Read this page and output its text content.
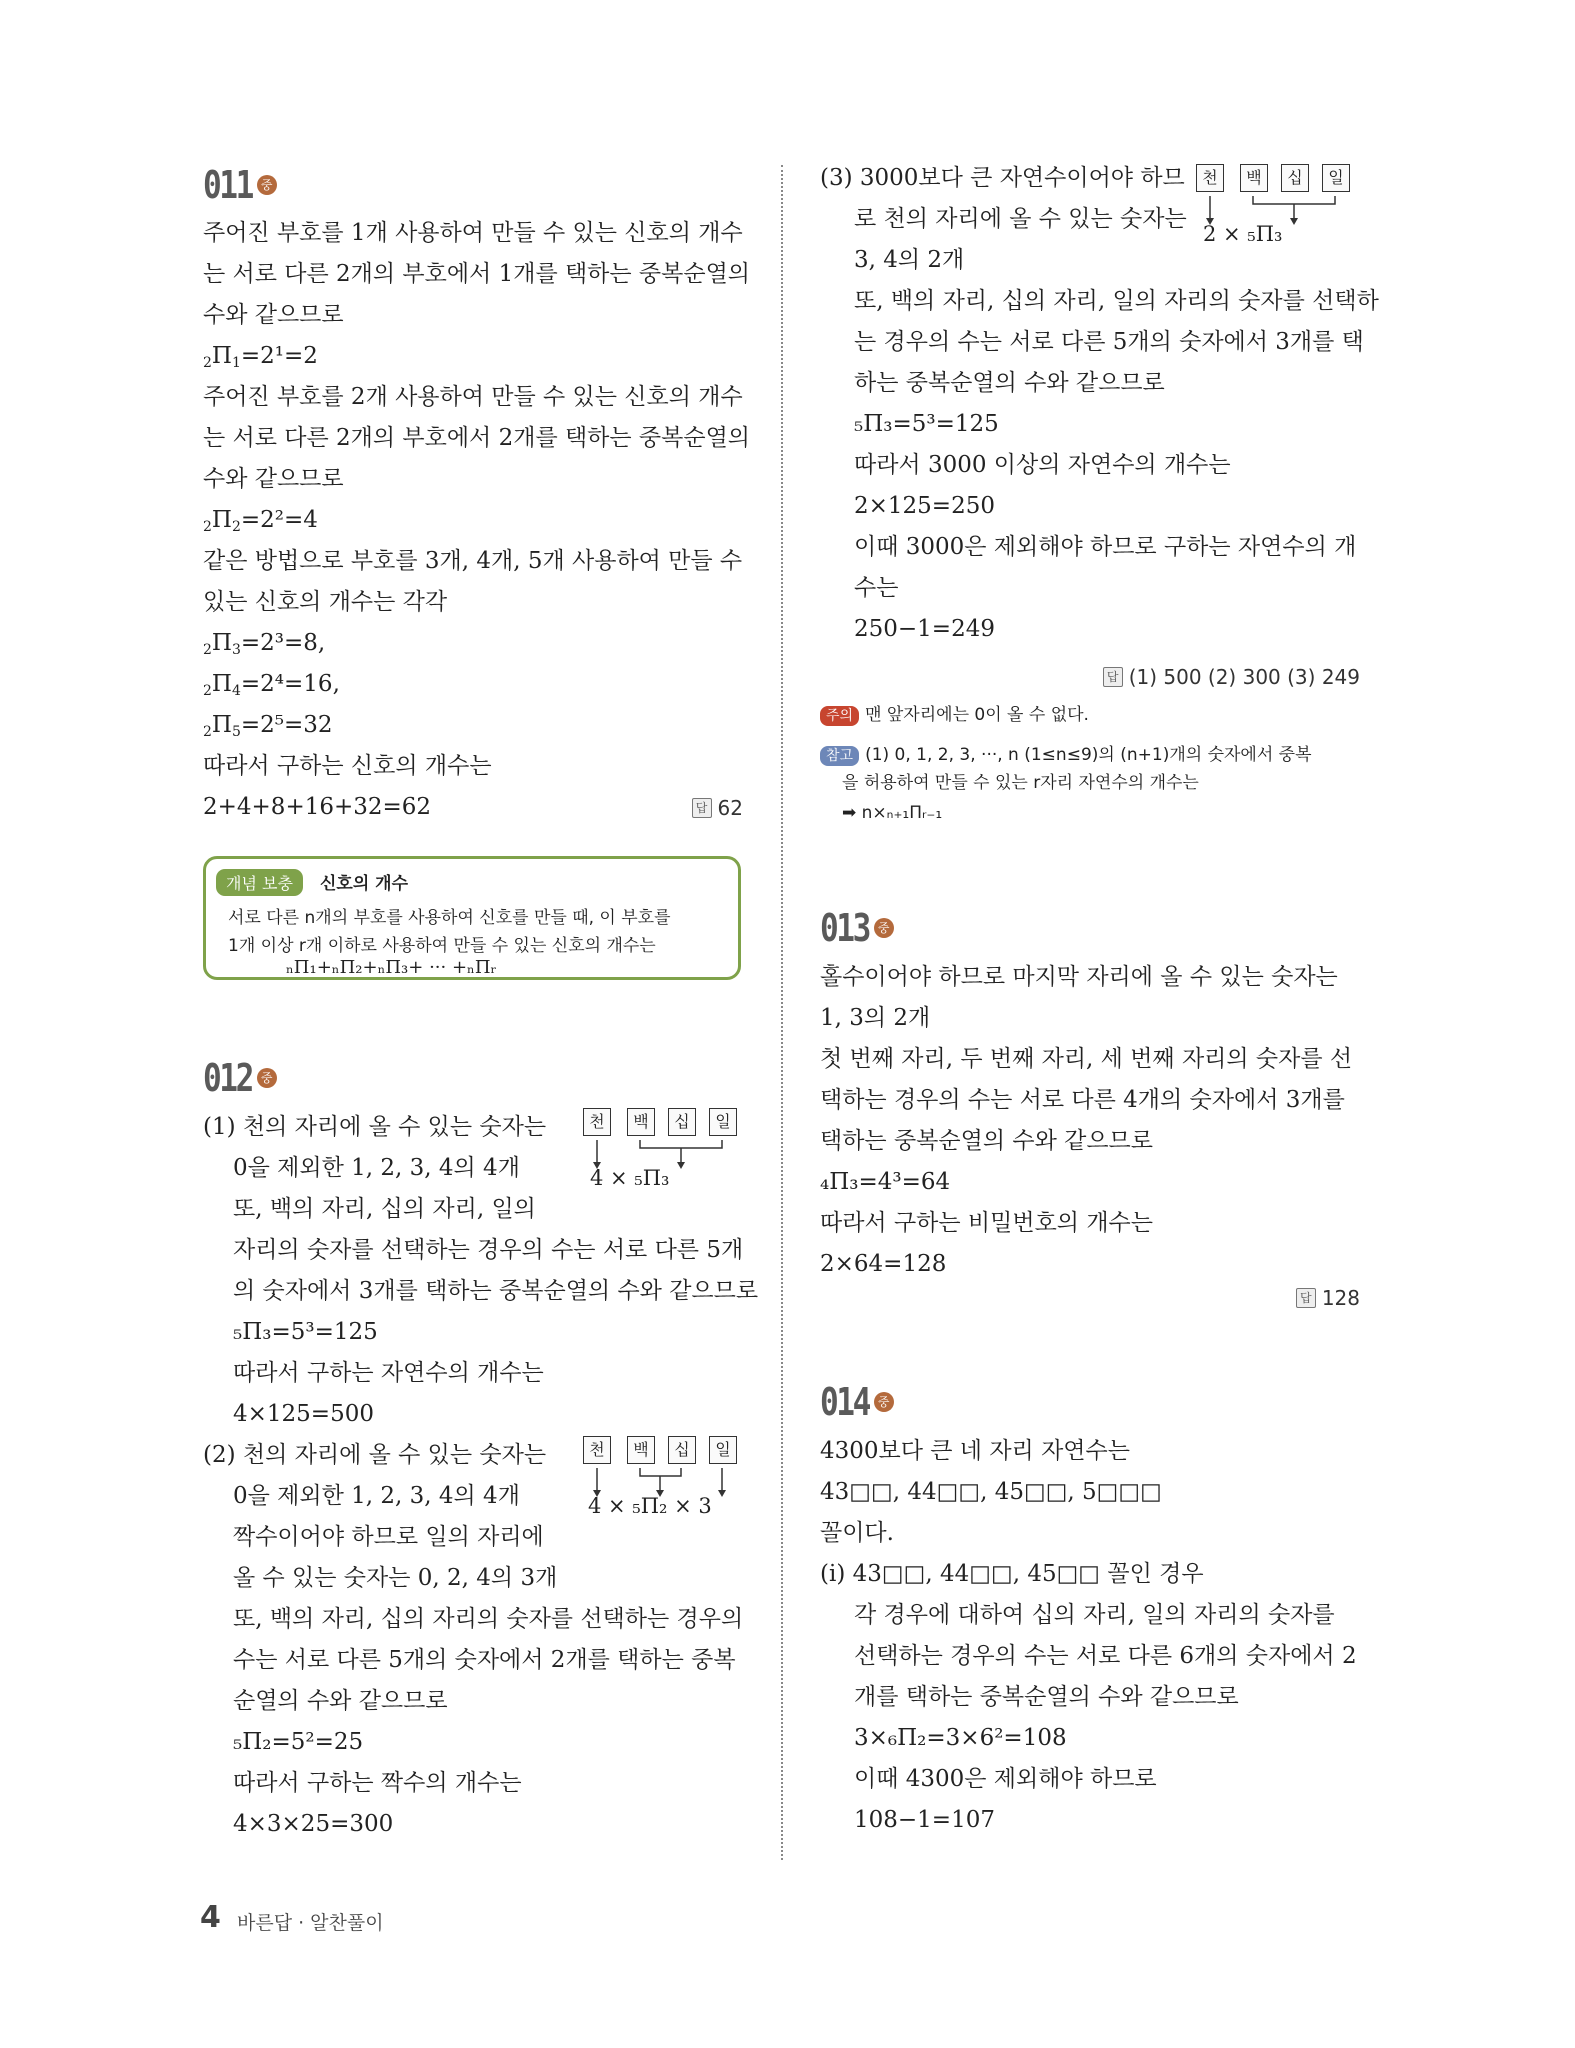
011 중
주어진 부호를 1개 사용하여 만들 수 있는 신호의 개수
는 서로 다른 2개의 부호에서 1개를 택하는 중복순열의
수와 같으므로
$_2\Pi_1=2^1=2$
주어진 부호를 2개 사용하여 만들 수 있는 신호의 개수
는 서로 다른 2개의 부호에서 2개를 택하는 중복순열의
수와 같으므로
$_2\Pi_2=2^2=4$
같은 방법으로 부호를 3개, 4개, 5개 사용하여 만들 수
있는 신호의 개수는 각각
$_2\Pi_3=2^3=8$,
$_2\Pi_4=2^4=16$,
$_2\Pi_5=2^5=32$
따라서 구하는 신호의 개수는
2+4+8+16+32=62	답 62
개념 보충	신호의 개수
서로 다른 n개의 부호를 사용하여 신호를 만들 때, 이 부호를
1개 이상 r개 이하로 사용하여 만들 수 있는 신호의 개수는
ₙΠ₁+ₙΠ₂+ₙΠ₃+ ··· +ₙΠᵣ
012 중
(1) 천의 자리에 올 수 있는 숫자는
0을 제외한 1, 2, 3, 4의 4개
또, 백의 자리, 십의 자리, 일의
자리의 숫자를 선택하는 경우의 수는 서로 다른 5개
의 숫자에서 3개를 택하는 중복순열의 수와 같으므로
₅Π₃=5³=125
따라서 구하는 자연수의 개수는
4×125=500
천	백	십	일
4 × ₅Π₃
(2) 천의 자리에 올 수 있는 숫자는
0을 제외한 1, 2, 3, 4의 4개
짝수이어야 하므로 일의 자리에
올 수 있는 숫자는 0, 2, 4의 3개
또, 백의 자리, 십의 자리의 숫자를 선택하는 경우의
수는 서로 다른 5개의 숫자에서 2개를 택하는 중복
순열의 수와 같으므로
₅Π₂=5²=25
따라서 구하는 짝수의 개수는
4×3×25=300
천	백	십	일
4 × ₅Π₂ × 3
(3) 3000보다 큰 자연수이어야 하므
로 천의 자리에 올 수 있는 숫자는
3, 4의 2개
또, 백의 자리, 십의 자리, 일의 자리의 숫자를 선택하
는 경우의 수는 서로 다른 5개의 숫자에서 3개를 택
하는 중복순열의 수와 같으므로
₅Π₃=5³=125
따라서 3000 이상의 자연수의 개수는
2×125=250
이때 3000은 제외해야 하므로 구하는 자연수의 개
수는
250−1=249
천	백	십	일
2 × ₅Π₃
답 (1) 500 (2) 300 (3) 249
주의 맨 앞자리에는 0이 올 수 없다.
참고 (1) 0, 1, 2, 3, ···, n (1≤n≤9)의 (n+1)개의 숫자에서 중복
을 허용하여 만들 수 있는 r자리 자연수의 개수는
➡ n×ₙ₊₁Πᵣ₋₁
013 중
홀수이어야 하므로 마지막 자리에 올 수 있는 숫자는
1, 3의 2개
첫 번째 자리, 두 번째 자리, 세 번째 자리의 숫자를 선
택하는 경우의 수는 서로 다른 4개의 숫자에서 3개를
택하는 중복순열의 수와 같으므로
₄Π₃=4³=64
따라서 구하는 비밀번호의 개수는
2×64=128
답 128
014 중
4300보다 큰 네 자리 자연수는
43□□, 44□□, 45□□, 5□□□
꼴이다.
(i) 43□□, 44□□, 45□□ 꼴인 경우
각 경우에 대하여 십의 자리, 일의 자리의 숫자를
선택하는 경우의 수는 서로 다른 6개의 숫자에서 2
개를 택하는 중복순열의 수와 같으므로
3×₆Π₂=3×6²=108
이때 4300은 제외해야 하므로
108−1=107
4 바른답 · 알찬풀이
